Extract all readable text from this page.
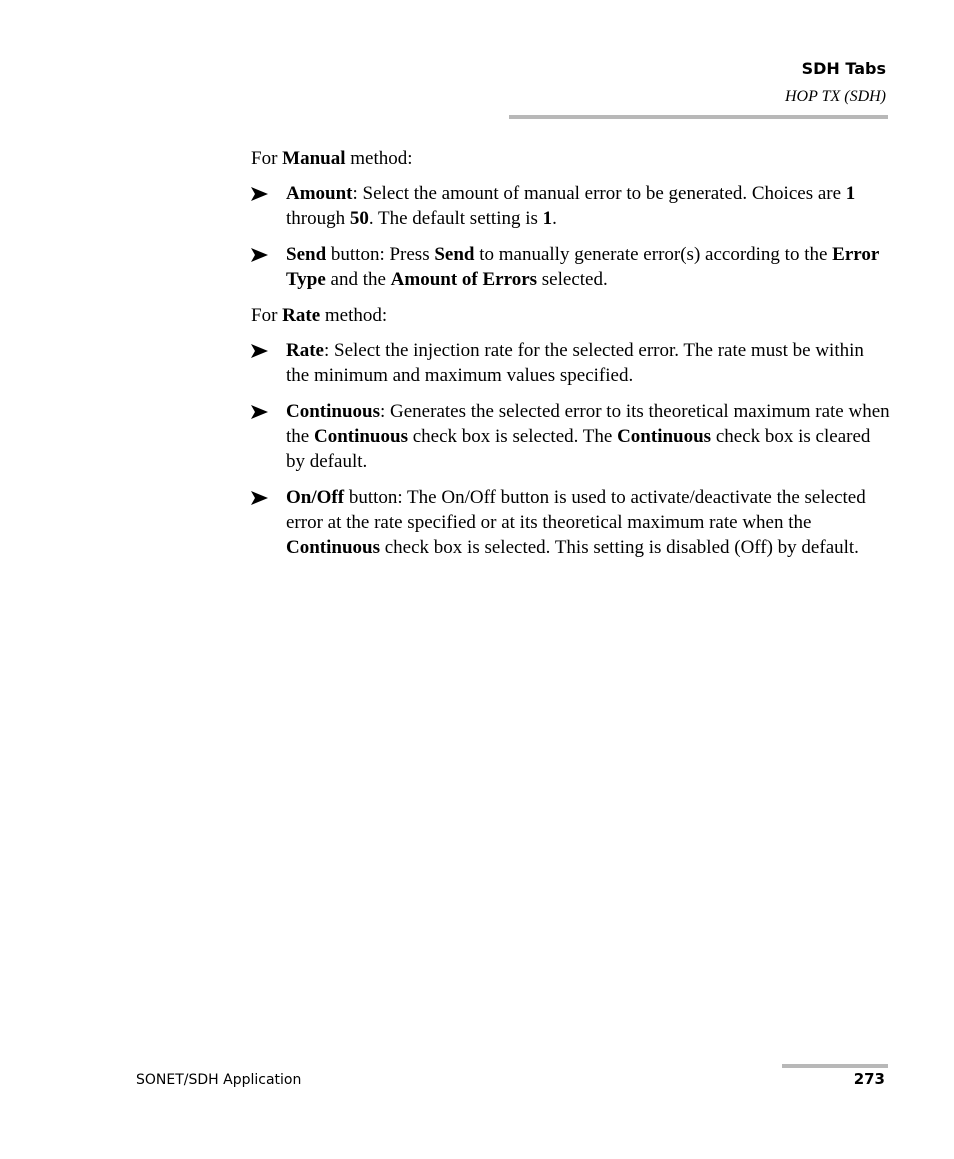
SDH Tabs
HOP TX (SDH)

For Manual method:

Amount: Select the amount of manual error to be generated. Choices are 1 through 50. The default setting is 1.
Send button: Press Send to manually generate error(s) according to the Error Type and the Amount of Errors selected.

For Rate method:

Rate: Select the injection rate for the selected error. The rate must be within the minimum and maximum values specified.
Continuous: Generates the selected error to its theoretical maximum rate when the Continuous check box is selected. The Continuous check box is cleared by default.
On/Off button: The On/Off button is used to activate/deactivate the selected error at the rate specified or at its theoretical maximum rate when the Continuous check box is selected. This setting is disabled (Off) by default.
SONET/SDH Application	273
